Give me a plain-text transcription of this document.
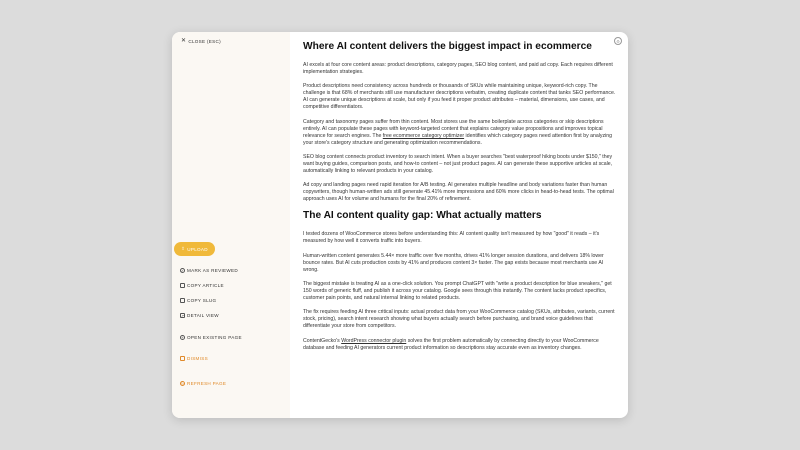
✕ CLOSE (ESC)
⇪ UPLOAD
✓ MARK AS REVIEWED
COPY ARTICLE
COPY SLUG
↗ DETAIL VIEW
+ OPEN EXISTING PAGE
DISMISS
↻ REFRESH PAGE
⚙
Where AI content delivers the biggest impact in ecommerce

AI excels at four core content areas: product descriptions, category pages, SEO blog content, and paid ad copy. Each requires different implementation strategies.

Product descriptions need consistency across hundreds or thousands of SKUs while maintaining unique, keyword-rich copy. The challenge is that 68% of merchants still use manufacturer descriptions verbatim, creating duplicate content that tanks SEO performance. AI can generate unique descriptions at scale, but only if you feed it proper product attributes – material, dimensions, use cases, and competitive differentiators.

Category and taxonomy pages suffer from thin content. Most stores use the same boilerplate across categories or skip descriptions entirely. AI can populate these pages with keyword-targeted content that explains category value propositions and improves topical relevance for search engines. The free ecommerce category optimizer identifies which category pages need attention first by analyzing your store's category structure and generating optimization recommendations.

SEO blog content connects product inventory to search intent. When a buyer searches "best waterproof hiking boots under $150," they want buying guides, comparison posts, and how-to content – not just product pages. AI can generate these supportive articles at scale, automatically linking to relevant products in your catalog.

Ad copy and landing pages need rapid iteration for A/B testing. AI generates multiple headline and body variations faster than human copywriters, though human-written ads still generate 45.41% more impressions and 60% more clicks in head-to-head tests. The optimal approach uses AI for volume and humans for the final 20% of refinement.

The AI content quality gap: What actually matters

I tested dozens of WooCommerce stores before understanding this: AI content quality isn't measured by how "good" it reads – it's measured by how well it converts traffic into buyers.

Human-written content generates 5.44× more traffic over five months, drives 41% longer session durations, and delivers 18% lower bounce rates. But AI cuts production costs by 41% and produces content 3× faster. The gap exists because most merchants use AI wrong.

The biggest mistake is treating AI as a one-click solution. You prompt ChatGPT with "write a product description for blue sneakers," get 150 words of generic fluff, and publish it across your catalog. Google sees through this instantly. The content lacks product specifics, customer pain points, and natural internal linking to related products.

The fix requires feeding AI three critical inputs: actual product data from your WooCommerce catalog (SKUs, attributes, variants, current stock, pricing), search intent research showing what buyers actually search before purchasing, and brand voice guidelines that differentiate your store from competitors.

ContentGecko's WordPress connector plugin solves the first problem automatically by connecting directly to your WooCommerce database and feeding AI generators current product information so descriptions stay accurate even as inventory changes.
